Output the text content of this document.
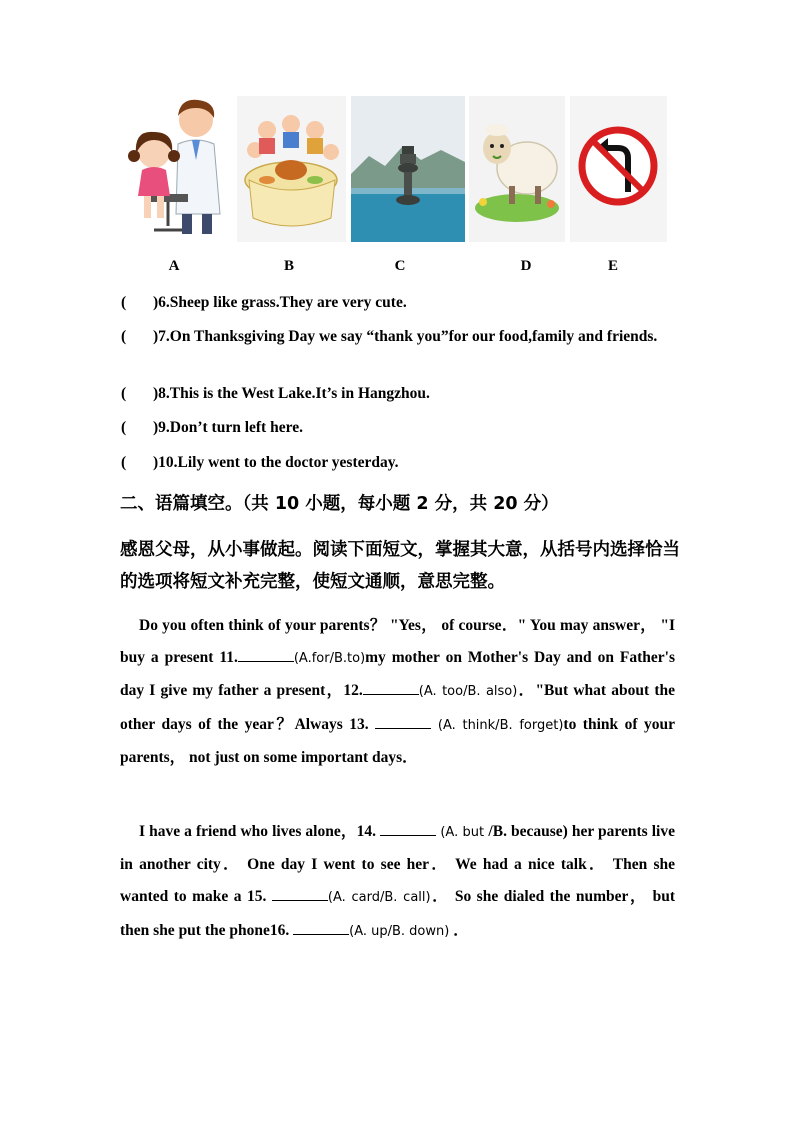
A	B	C	D	E
( )6.Sheep like grass.They are very cute.
( )7.On Thanksgiving Day we say “thank you”for our food,family and friends.
( )8.This is the West Lake.It’s in Hangzhou.
( )9.Don’t turn left here.
( )10.Lily went to the doctor yesterday.
二、语篇填空。（共 10 小题，每小题 2 分，共 20 分）
感恩父母，从小事做起。阅读下面短文，掌握其大意，从括号内选择恰当的选项将短文补充完整，使短文通顺，意思完整。
Do you often think of your parents？ "Yes， of course．" You may answer， "I buy a present 11.	(A.for/B.to)my mother on Mother's Day and on Father's day I give my father a present，12.	(A. too/B. also)．"But what about the other days of the year？Always 13.	(A. think/B. forget)to think of your parents， not just on some important days．
I have a friend who lives alone，14.	(A. but /B. because) her parents live in another city． One day I went to see her． We had a nice talk． Then she wanted to make a 15.	(A. card/B. call)． So she dialed the number， but then she put the phone16.	(A. up/B. down) ．
